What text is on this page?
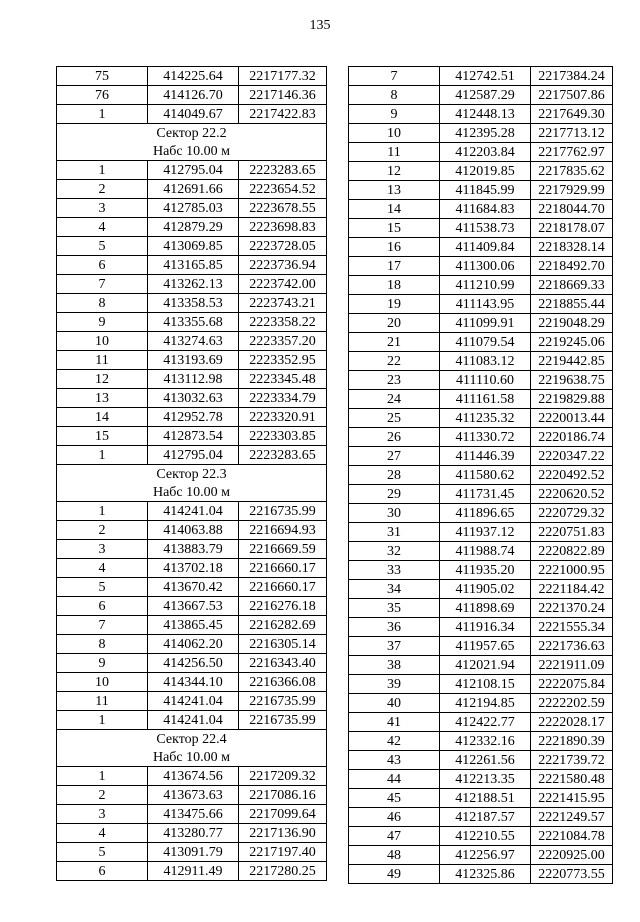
135
75	414225.64	2217177.32
76	414126.70	2217146.36
1	414049.67	2217422.83
Сектор 22.2		
Набс 10.00 м		
1	412795.04	2223283.65
2	412691.66	2223654.52
3	412785.03	2223678.55
4	412879.29	2223698.83
5	413069.85	2223728.05
6	413165.85	2223736.94
7	413262.13	2223742.00
8	413358.53	2223743.21
9	413355.68	2223358.22
10	413274.63	2223357.20
11	413193.69	2223352.95
12	413112.98	2223345.48
13	413032.63	2223334.79
14	412952.78	2223320.91
15	412873.54	2223303.85
1	412795.04	2223283.65
Сектор 22.3		
Набс 10.00 м		
1	414241.04	2216735.99
2	414063.88	2216694.93
3	413883.79	2216669.59
4	413702.18	2216660.17
5	413670.42	2216660.17
6	413667.53	2216276.18
7	413865.45	2216282.69
8	414062.20	2216305.14
9	414256.50	2216343.40
10	414344.10	2216366.08
11	414241.04	2216735.99
1	414241.04	2216735.99
Сектор 22.4		
Набс 10.00 м		
1	413674.56	2217209.32
2	413673.63	2217086.16
3	413475.66	2217099.64
4	413280.77	2217136.90
5	413091.79	2217197.40
6	412911.49	2217280.25
7	412742.51	2217384.24
8	412587.29	2217507.86
9	412448.13	2217649.30
10	412395.28	2217713.12
11	412203.84	2217762.97
12	412019.85	2217835.62
13	411845.99	2217929.99
14	411684.83	2218044.70
15	411538.73	2218178.07
16	411409.84	2218328.14
17	411300.06	2218492.70
18	411210.99	2218669.33
19	411143.95	2218855.44
20	411099.91	2219048.29
21	411079.54	2219245.06
22	411083.12	2219442.85
23	411110.60	2219638.75
24	411161.58	2219829.88
25	411235.32	2220013.44
26	411330.72	2220186.74
27	411446.39	2220347.22
28	411580.62	2220492.52
29	411731.45	2220620.52
30	411896.65	2220729.32
31	411937.12	2220751.83
32	411988.74	2220822.89
33	411935.20	2221000.95
34	411905.02	2221184.42
35	411898.69	2221370.24
36	411916.34	2221555.34
37	411957.65	2221736.63
38	412021.94	2221911.09
39	412108.15	2222075.84
40	412194.85	2222202.59
41	412422.77	2222028.17
42	412332.16	2221890.39
43	412261.56	2221739.72
44	412213.35	2221580.48
45	412188.51	2221415.95
46	412187.57	2221249.57
47	412210.55	2221084.78
48	412256.97	2220925.00
49	412325.86	2220773.55
